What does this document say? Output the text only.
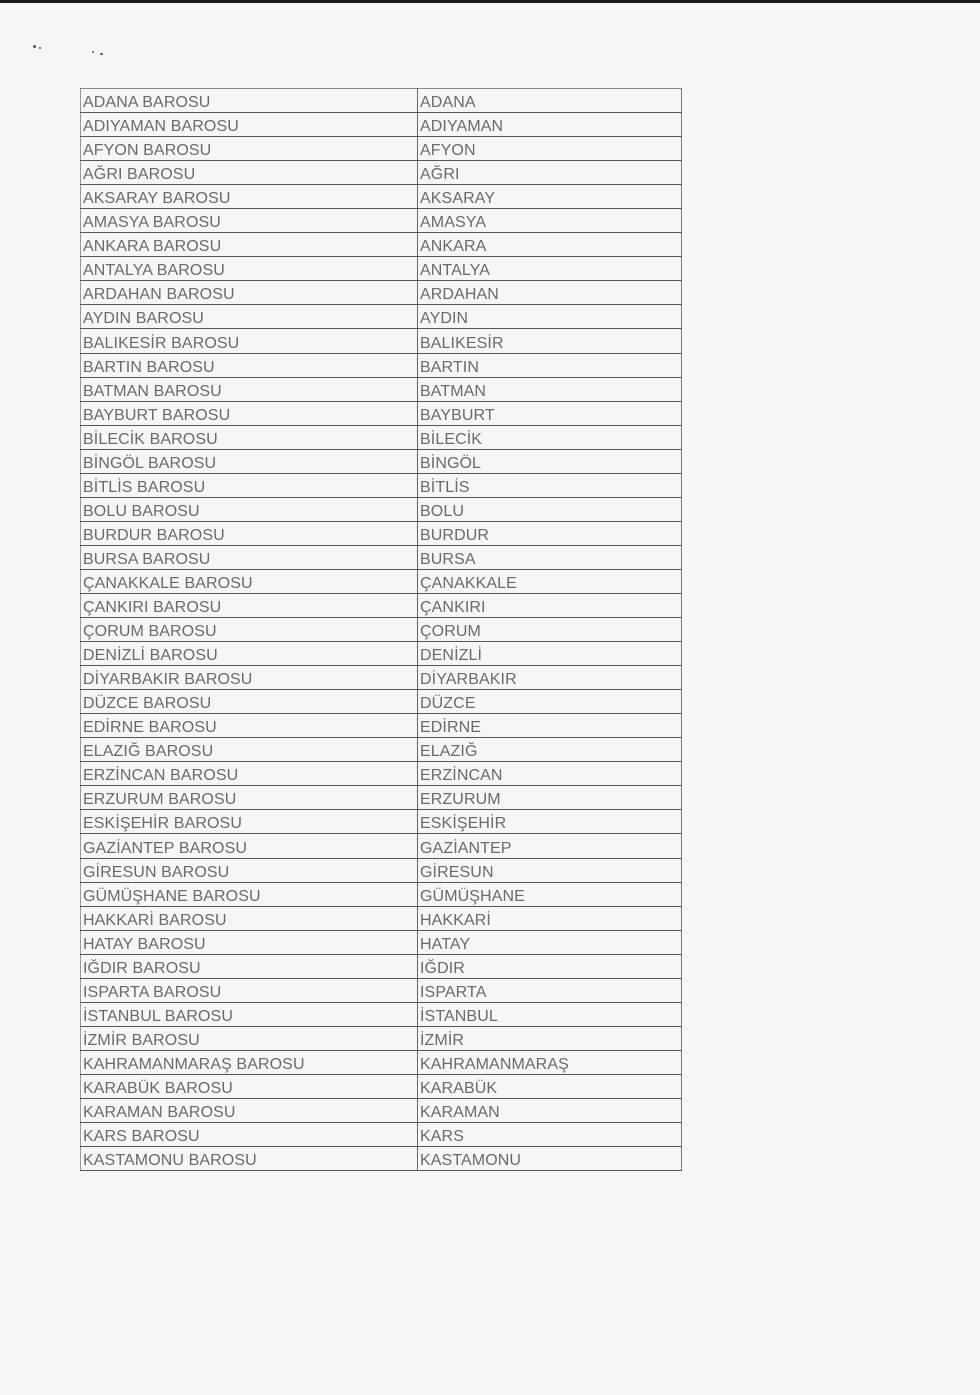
ADANA BAROSU	ADANA
ADIYAMAN BAROSU	ADIYAMAN
AFYON BAROSU	AFYON
AĞRI BAROSU	AĞRI
AKSARAY BAROSU	AKSARAY
AMASYA BAROSU	AMASYA
ANKARA BAROSU	ANKARA
ANTALYA BAROSU	ANTALYA
ARDAHAN BAROSU	ARDAHAN
AYDIN BAROSU	AYDIN
BALIKESİR BAROSU	BALIKESİR
BARTIN BAROSU	BARTIN
BATMAN BAROSU	BATMAN
BAYBURT BAROSU	BAYBURT
BİLECİK BAROSU	BİLECİK
BİNGÖL BAROSU	BİNGÖL
BİTLİS BAROSU	BİTLİS
BOLU BAROSU	BOLU
BURDUR BAROSU	BURDUR
BURSA BAROSU	BURSA
ÇANAKKALE BAROSU	ÇANAKKALE
ÇANKIRI BAROSU	ÇANKIRI
ÇORUM BAROSU	ÇORUM
DENİZLİ BAROSU	DENİZLİ
DİYARBAKIR BAROSU	DİYARBAKIR
DÜZCE BAROSU	DÜZCE
EDİRNE BAROSU	EDİRNE
ELAZIĞ BAROSU	ELAZIĞ
ERZİNCAN BAROSU	ERZİNCAN
ERZURUM BAROSU	ERZURUM
ESKİŞEHİR BAROSU	ESKİŞEHİR
GAZİANTEP BAROSU	GAZİANTEP
GİRESUN BAROSU	GİRESUN
GÜMÜŞHANE BAROSU	GÜMÜŞHANE
HAKKARİ BAROSU	HAKKARİ
HATAY BAROSU	HATAY
IĞDIR BAROSU	IĞDIR
ISPARTA BAROSU	ISPARTA
İSTANBUL BAROSU	İSTANBUL
İZMİR BAROSU	İZMİR
KAHRAMANMARAŞ BAROSU	KAHRAMANMARAŞ
KARABÜK BAROSU	KARABÜK
KARAMAN BAROSU	KARAMAN
KARS BAROSU	KARS
KASTAMONU BAROSU	KASTAMONU
